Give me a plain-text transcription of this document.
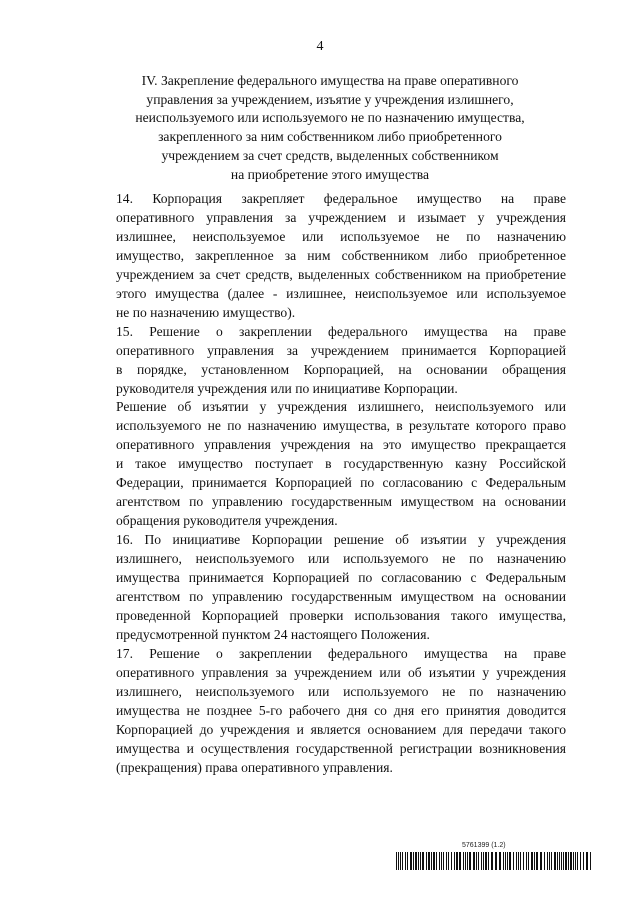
4
IV. Закрепление федерального имущества на праве оперативного
управления за учреждением, изъятие у учреждения излишнего,
неиспользуемого или используемого не по назначению имущества,
закрепленного за ним собственником либо приобретенного
учреждением за счет средств, выделенных собственником
на приобретение этого имущества
14. Корпорация закрепляет федеральное имущество на праве
оперативного управления за учреждением и изымает у учреждения
излишнее, неиспользуемое или используемое не по назначению
имущество, закрепленное за ним собственником либо приобретенное
учреждением за счет средств, выделенных собственником на приобретение
этого имущества (далее - излишнее, неиспользуемое или используемое
не по назначению имущество).
15. Решение о закреплении федерального имущества на праве
оперативного управления за учреждением принимается Корпорацией
в порядке, установленном Корпорацией, на основании обращения
руководителя учреждения или по инициативе Корпорации.
Решение об изъятии у учреждения излишнего, неиспользуемого или
используемого не по назначению имущества, в результате которого право
оперативного управления учреждения на это имущество прекращается
и такое имущество поступает в государственную казну Российской
Федерации, принимается Корпорацией по согласованию с Федеральным
агентством по управлению государственным имуществом на основании
обращения руководителя учреждения.
16. По инициативе Корпорации решение об изъятии у учреждения
излишнего, неиспользуемого или используемого не по назначению
имущества принимается Корпорацией по согласованию с Федеральным
агентством по управлению государственным имуществом на основании
проведенной Корпорацией проверки использования такого имущества,
предусмотренной пунктом 24 настоящего Положения.
17. Решение о закреплении федерального имущества на праве
оперативного управления за учреждением или об изъятии у учреждения
излишнего, неиспользуемого или используемого не по назначению
имущества не позднее 5-го рабочего дня со дня его принятия доводится
Корпорацией до учреждения и является основанием для передачи такого
имущества и осуществления государственной регистрации возникновения
(прекращения) права оперативного управления.
5761399 (1.2)
